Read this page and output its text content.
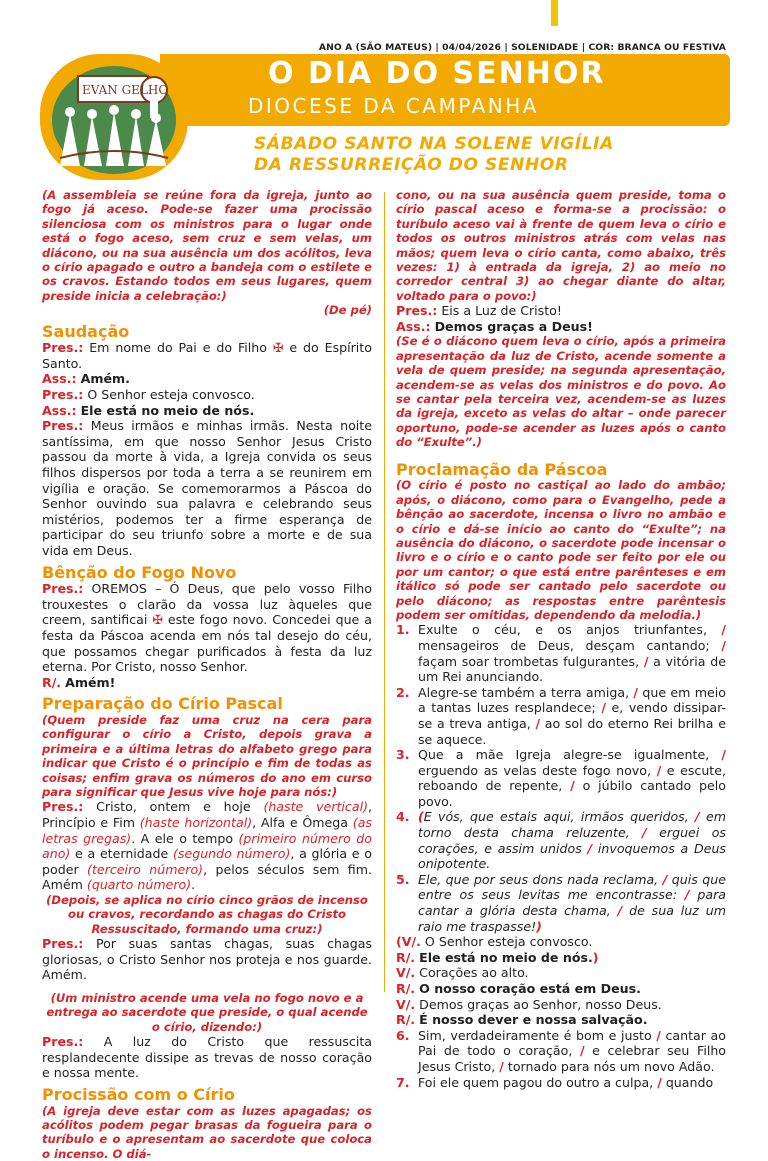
ANO A (SÃO MATEUS) | 04/04/2026 | SOLENIDADE | COR: BRANCA OU FESTIVA
EVAN GELHO	O DIA DO SENHOR
DIOCESE DA CAMPANHA
SÁBADO SANTO NA SOLENE VIGÍLIA
DA RESSURREIÇÃO DO SENHOR

(A assembleia se reúne fora da igreja, junto ao fogo já aceso. Pode-se fazer uma procissão silenciosa com os ministros para o lugar onde está o fogo aceso, sem cruz e sem velas, um diácono, ou na sua ausência um dos acólitos, leva o círio apagado e outro a bandeja com o estilete e os cravos. Estando todos em seus lugares, quem preside inicia a celebração:)

(De pé)

Saudação

Pres.: Em nome do Pai e do Filho ✠ e do Espírito Santo.

Ass.: Amém.

Pres.: O Senhor esteja convosco.

Ass.: Ele está no meio de nós.

Pres.: Meus irmãos e minhas irmãs. Nesta noite santíssima, em que nosso Senhor Jesus Cristo passou da morte à vida, a Igreja convida os seus filhos dispersos por toda a terra a se reunirem em vigília e oração. Se comemorarmos a Páscoa do Senhor ouvindo sua palavra e celebrando seus mistérios, podemos ter a firme esperança de participar do seu triunfo sobre a morte e de sua vida em Deus.

Bênção do Fogo Novo

Pres.: OREMOS – Ó Deus, que pelo vosso Filho trouxestes o clarão da vossa luz àqueles que creem, santificai ✠ este fogo novo. Concedei que a festa da Páscoa acenda em nós tal desejo do céu, que possamos chegar purificados à festa da luz eterna. Por Cristo, nosso Senhor.

R/. Amém!

Preparação do Círio Pascal

(Quem preside faz uma cruz na cera para configurar o círio a Cristo, depois grava a primeira e a última letras do alfabeto grego para indicar que Cristo é o princípio e fim de todas as coisas; enfim grava os números do ano em curso para significar que Jesus vive hoje para nós:)

Pres.: Cristo, ontem e hoje (haste vertical), Princípio e Fim (haste horizontal), Alfa e Ômega (as letras gregas). A ele o tempo (primeiro número do ano) e a eternidade (segundo número), a glória e o poder (terceiro número), pelos séculos sem fim. Amém (quarto número).

(Depois, se aplica no círio cinco grãos de incenso ou cravos, recordando as chagas do Cristo Ressuscitado, formando uma cruz:)

Pres.: Por suas santas chagas, suas chagas gloriosas, o Cristo Senhor nos proteja e nos guarde. Amém.

(Um ministro acende uma vela no fogo novo e a entrega ao sacerdote que preside, o qual acende o círio, dizendo:)

Pres.: A luz do Cristo que ressuscita resplandecente dissipe as trevas de nosso coração e nossa mente.

Procissão com o Círio

(A igreja deve estar com as luzes apagadas; os acólitos podem pegar brasas da fogueira para o turíbulo e o apresentam ao sacerdote que coloca o incenso. O diá-

cono, ou na sua ausência quem preside, toma o círio pascal aceso e forma-se a procissão: o turíbulo aceso vai à frente de quem leva o círio e todos os outros ministros atrás com velas nas mãos; quem leva o círio canta, como abaixo, três vezes: 1) à entrada da igreja, 2) ao meio no corredor central 3) ao chegar diante do altar, voltado para o povo:)

Pres.: Eis a Luz de Cristo!

Ass.: Demos graças a Deus!

(Se é o diácono quem leva o círio, após a primeira apresentação da luz de Cristo, acende somente a vela de quem preside; na segunda apresentação, acendem-se as velas dos ministros e do povo. Ao se cantar pela terceira vez, acendem-se as luzes da igreja, exceto as velas do altar – onde parecer oportuno, pode-se acender as luzes após o canto do “Exulte”.)

Proclamação da Páscoa

(O círio é posto no castiçal ao lado do ambão; após, o diácono, como para o Evangelho, pede a bênção ao sacerdote, incensa o livro no ambão e o círio e dá-se início ao canto do “Exulte”; na ausência do diácono, o sacerdote pode incensar o livro e o círio e o canto pode ser feito por ele ou por um cantor; o que está entre parênteses e em itálico só pode ser cantado pelo sacerdote ou pelo diácono; as respostas entre parêntesis podem ser omitidas, dependendo da melodia.)

1. Exulte o céu, e os anjos triunfantes, / mensageiros de Deus, desçam cantando; / façam soar trombetas fulgurantes, / a vitória de um Rei anunciando.
2. Alegre-se também a terra amiga, / que em meio a tantas luzes resplandece; / e, vendo dissipar-se a treva antiga, / ao sol do eterno Rei brilha e se aquece.
3. Que a mãe Igreja alegre-se igualmente, / erguendo as velas deste fogo novo, / e escute, reboando de repente, / o júbilo cantado pelo povo.
4. (E vós, que estais aqui, irmãos queridos, / em torno desta chama reluzente, / erguei os corações, e assim unidos / invoquemos a Deus onipotente.
5. Ele, que por seus dons nada reclama, / quis que entre os seus levitas me encontrasse: / para cantar a glória desta chama, / de sua luz um raio me traspasse!)

(V/. O Senhor esteja convosco.

R/. Ele está no meio de nós.)

V/. Corações ao alto.

R/. O nosso coração está em Deus.

V/. Demos graças ao Senhor, nosso Deus.

R/. É nosso dever e nossa salvação.

6. Sim, verdadeiramente é bom e justo / cantar ao Pai de todo o coração, / e celebrar seu Filho Jesus Cristo, / tornado para nós um novo Adão.
7. Foi ele quem pagou do outro a culpa, / quando
